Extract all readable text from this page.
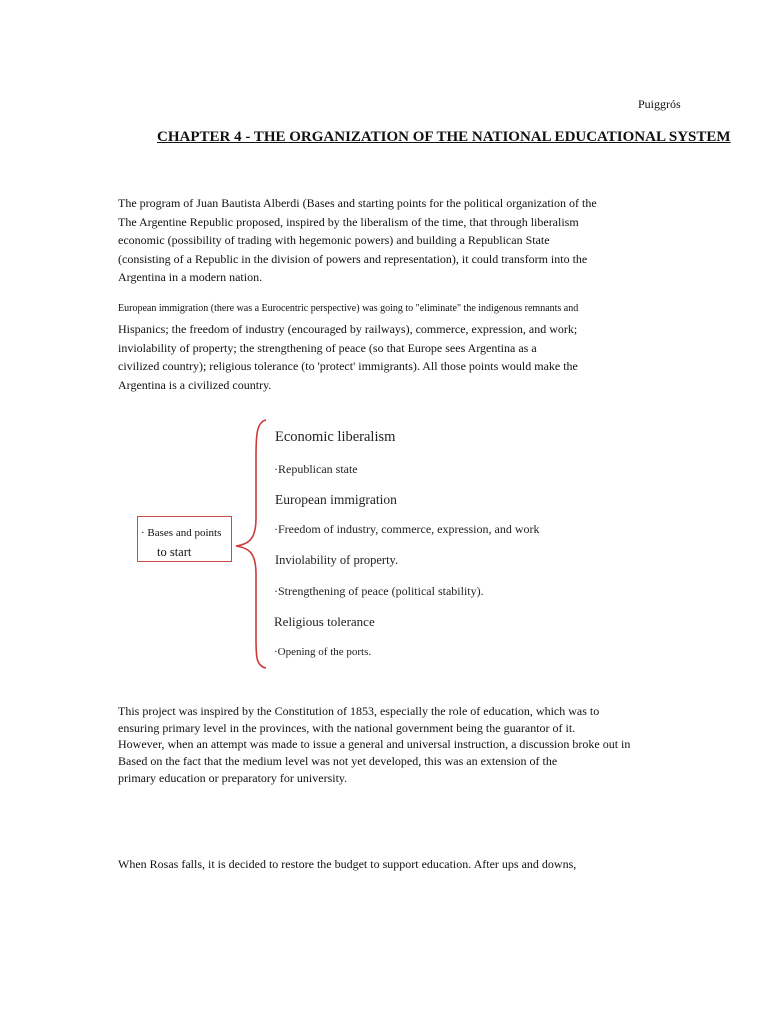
Puiggrós
CHAPTER 4 - THE ORGANIZATION OF THE NATIONAL EDUCATIONAL SYSTEM
The program of Juan Bautista Alberdi (Bases and starting points for the political organization of the
The Argentine Republic proposed, inspired by the liberalism of the time, that through liberalism
economic (possibility of trading with hegemonic powers) and building a Republican State
(consisting of a Republic in the division of powers and representation), it could transform into the
Argentina in a modern nation.
European immigration (there was a Eurocentric perspective) was going to "eliminate" the indigenous remnants and
Hispanics; the freedom of industry (encouraged by railways), commerce, expression, and work;
inviolability of property; the strengthening of peace (so that Europe sees Argentina as a
civilized country); religious tolerance (to 'protect' immigrants). All those points would make the
Argentina is a civilized country.
· Bases and points
to start
Economic liberalism
·Republican state
European immigration
·Freedom of industry, commerce, expression, and work
Inviolability of property.
·Strengthening of peace (political stability).
Religious tolerance
·Opening of the ports.
This project was inspired by the Constitution of 1853, especially the role of education, which was to
ensuring primary level in the provinces, with the national government being the guarantor of it.
However, when an attempt was made to issue a general and universal instruction, a discussion broke out in
Based on the fact that the medium level was not yet developed, this was an extension of the
primary education or preparatory for university.
When Rosas falls, it is decided to restore the budget to support education. After ups and downs,
